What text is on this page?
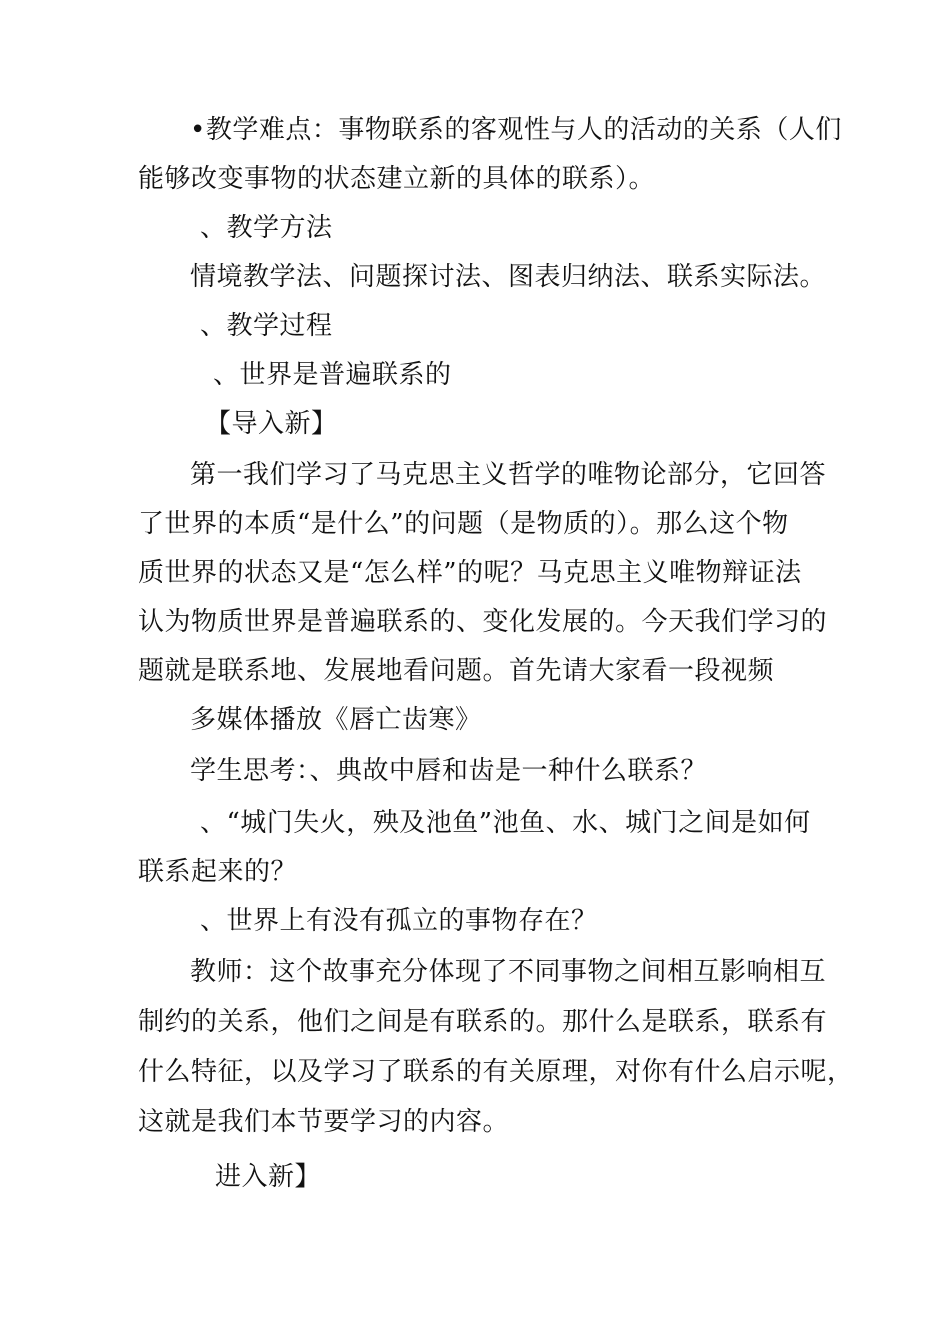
•教学难点：事物联系的客观性与人的活动的关系（人们
能够改变事物的状态建立新的具体的联系）。
、教学方法
情境教学法、问题探讨法、图表归纳法、联系实际法。
、教学过程
、世界是普遍联系的
【导入新】
第一我们学习了马克思主义哲学的唯物论部分，它回答
了世界的本质“是什么”的问题（是物质的）。那么这个物
质世界的状态又是“怎么样”的呢？马克思主义唯物辩证法
认为物质世界是普遍联系的、变化发展的。今天我们学习的
题就是联系地、发展地看问题。首先请大家看一段视频
多媒体播放《唇亡齿寒》
学生思考：、典故中唇和齿是一种什么联系？
、“城门失火，殃及池鱼”池鱼、水、城门之间是如何
联系起来的？
、世界上有没有孤立的事物存在？
教师：这个故事充分体现了不同事物之间相互影响相互
制约的关系，他们之间是有联系的。那什么是联系，联系有
什么特征，以及学习了联系的有关原理，对你有什么启示呢，
这就是我们本节要学习的内容。
进入新】
